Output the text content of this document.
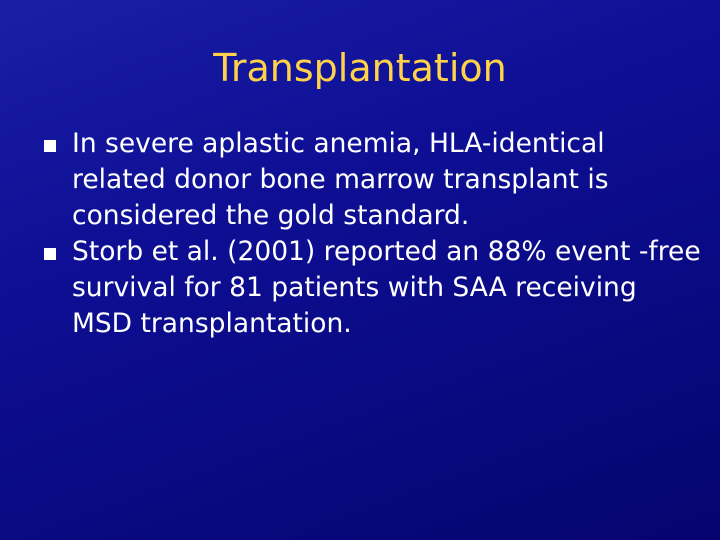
Transplantation
In severe aplastic anemia, HLA-identical related donor bone marrow transplant is considered the gold standard.
Storb et al. (2001) reported an 88% event -free survival for 81 patients with SAA receiving MSD transplantation.
